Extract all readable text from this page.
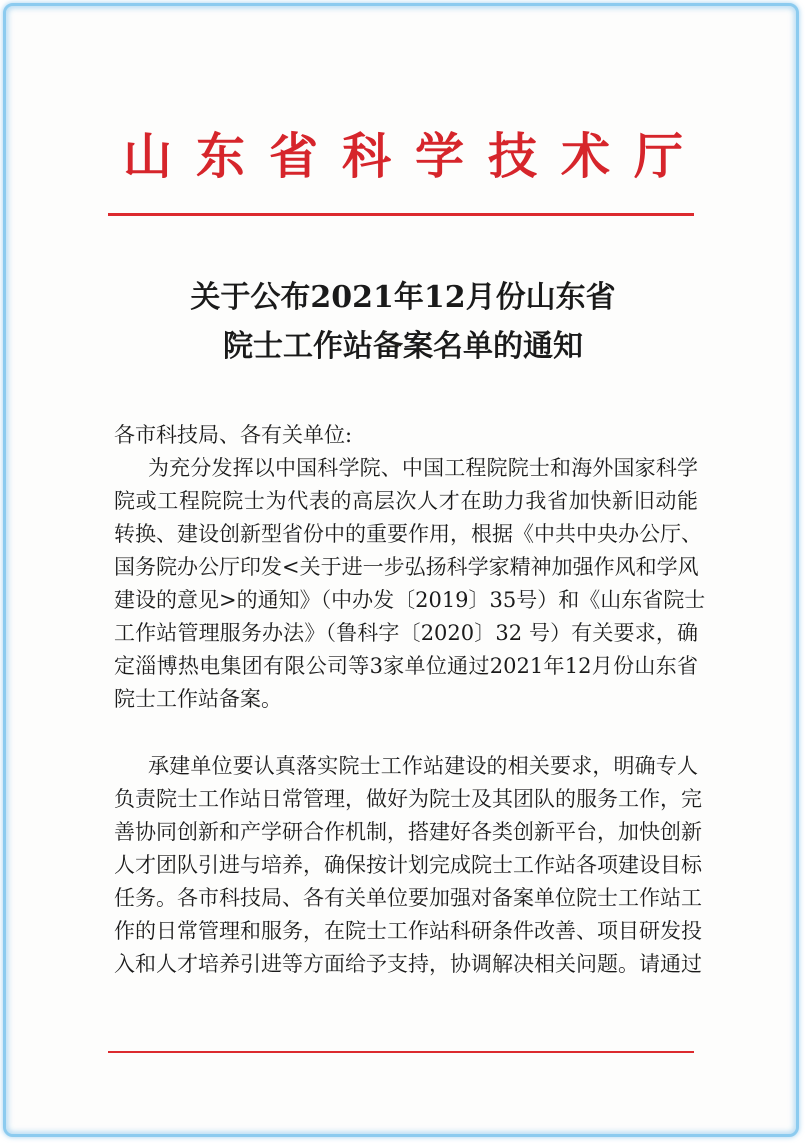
山东省科学技术厅
关于公布2021年12月份山东省
院士工作站备案名单的通知
各市科技局、各有关单位:
为充分发挥以中国科学院、中国工程院院士和海外国家科学
院或工程院院士为代表的高层次人才在助力我省加快新旧动能
转换、建设创新型省份中的重要作用，根据《中共中央办公厅、
国务院办公厅印发<关于进一步弘扬科学家精神加强作风和学风
建设的意见>的通知》（中办发〔2019〕35号）和《山东省院士
工作站管理服务办法》（鲁科字〔2020〕32 号）有关要求，确
定淄博热电集团有限公司等3家单位通过2021年12月份山东省
院士工作站备案。
承建单位要认真落实院士工作站建设的相关要求，明确专人
负责院士工作站日常管理，做好为院士及其团队的服务工作，完
善协同创新和产学研合作机制，搭建好各类创新平台，加快创新
人才团队引进与培养，确保按计划完成院士工作站各项建设目标
任务。各市科技局、各有关单位要加强对备案单位院士工作站工
作的日常管理和服务，在院士工作站科研条件改善、项目研发投
入和人才培养引进等方面给予支持，协调解决相关问题。请通过
